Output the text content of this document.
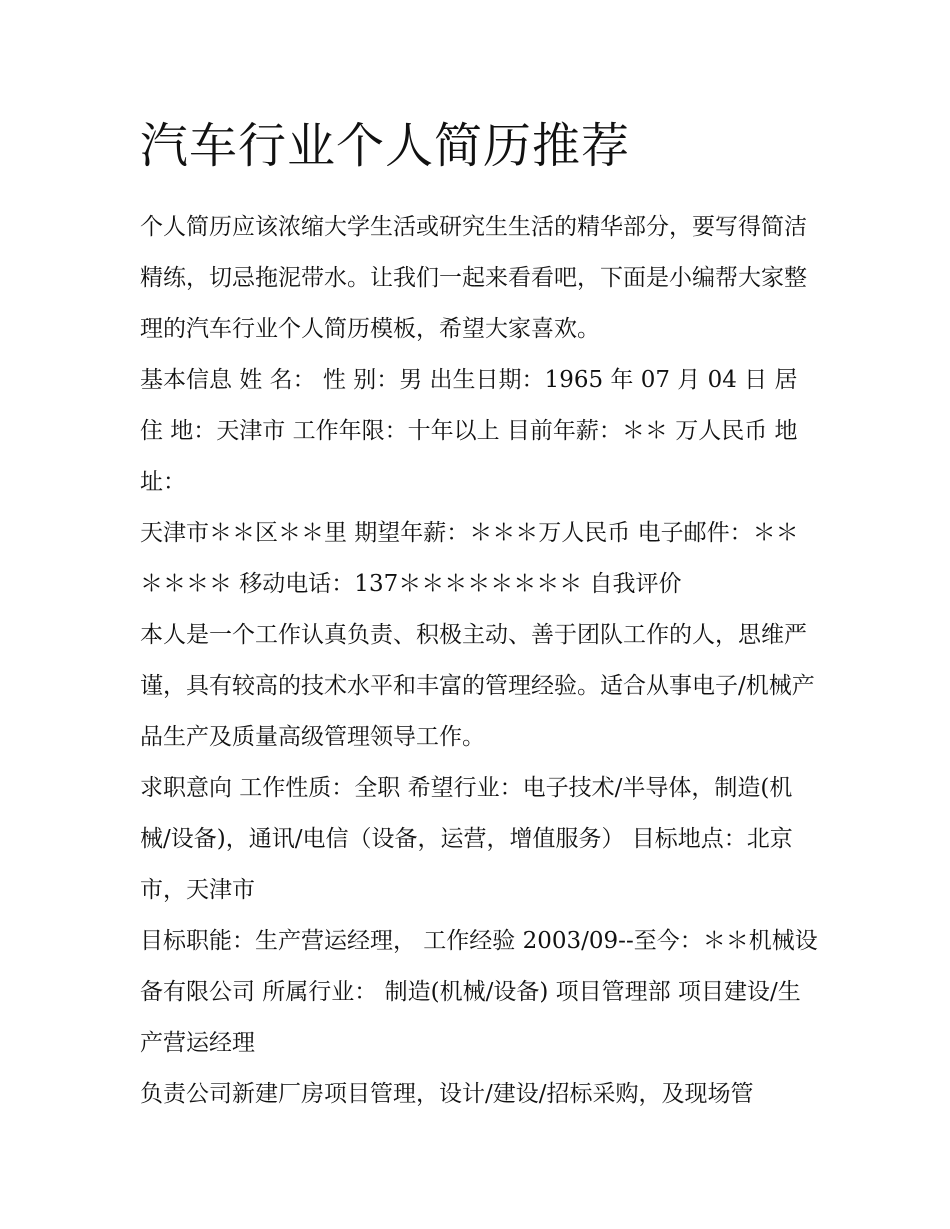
汽车行业个人简历推荐

个人简历应该浓缩大学生活或研究生生活的精华部分，要写得简洁精练，切忌拖泥带水。让我们一起来看看吧，下面是小编帮大家整理的汽车行业个人简历模板，希望大家喜欢。

基本信息 姓 名： 性 别：男 出生日期：1965 年 07 月 04 日 居住 地：天津市 工作年限：十年以上 目前年薪：＊＊ 万人民币 地 址：

天津市＊＊区＊＊里 期望年薪：＊＊＊万人民币 电子邮件：＊＊＊＊＊＊ 移动电话：137＊＊＊＊＊＊＊＊ 自我评价

本人是一个工作认真负责、积极主动、善于团队工作的人，思维严谨，具有较高的技术水平和丰富的管理经验。适合从事电子/机械产品生产及质量高级管理领导工作。

求职意向 工作性质：全职 希望行业：电子技术/半导体，制造(机械/设备)，通讯/电信（设备，运营，增值服务） 目标地点：北京市，天津市

目标职能：生产营运经理， 工作经验 2003/09--至今：＊＊机械设备有限公司 所属行业： 制造(机械/设备) 项目管理部 项目建设/生产营运经理

负责公司新建厂房项目管理，设计/建设/招标采购，及现场管
